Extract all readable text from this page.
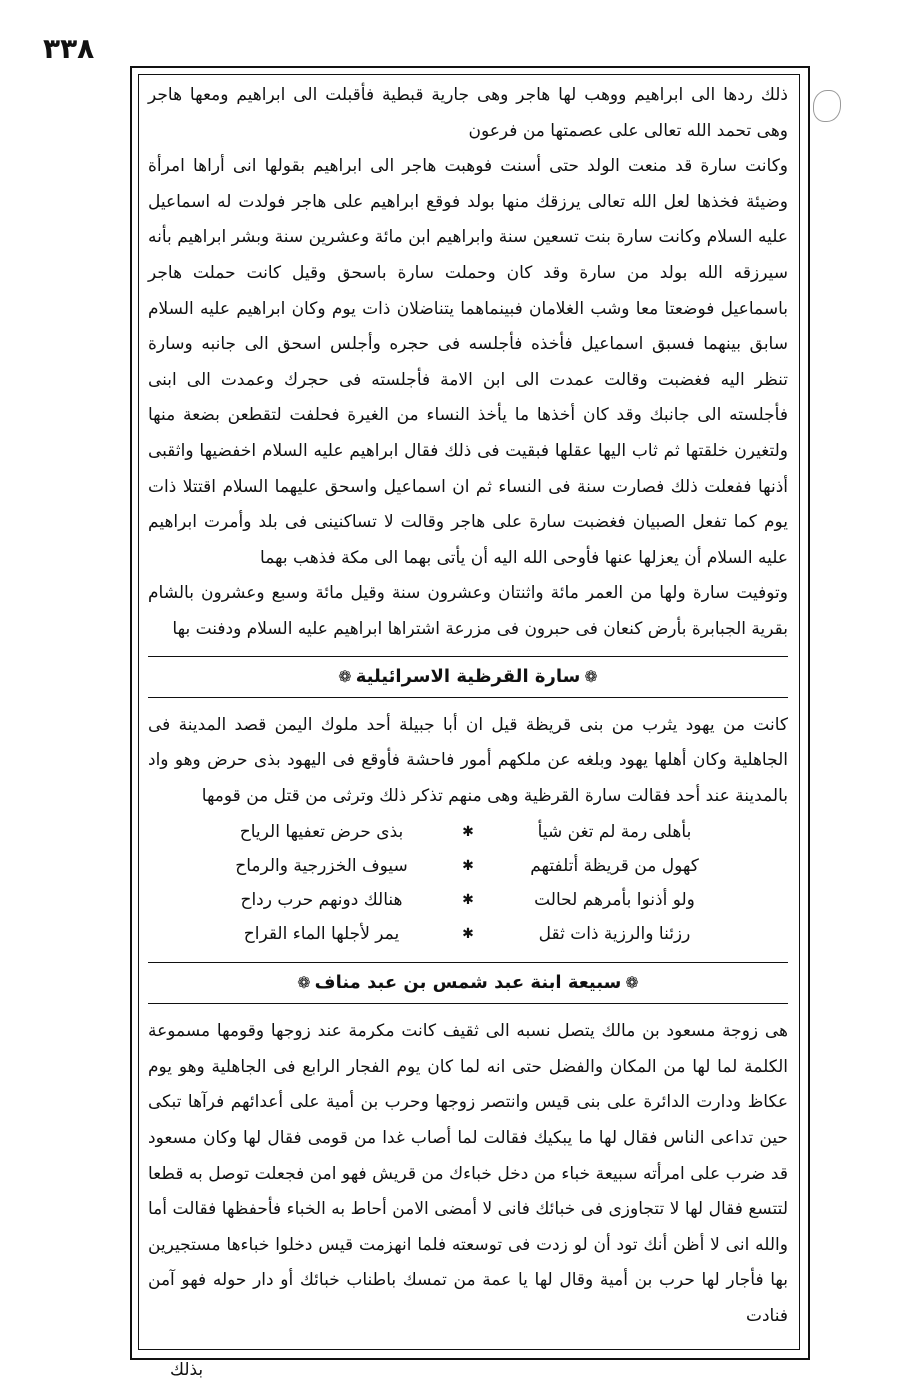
٣٣٨

ذلك ردها الى ابراهيم ووهب لها هاجر وهى جارية قبطية فأقبلت الى ابراهيم ومعها هاجر وهى تحمد الله تعالى على عصمتها من فرعون

وكانت سارة قد منعت الولد حتى أسنت فوهبت هاجر الى ابراهيم بقولها انى أراها امرأة وضيئة فخذها لعل الله تعالى يرزقك منها بولد فوقع ابراهيم على هاجر فولدت له اسماعيل عليه السلام وكانت سارة بنت تسعين سنة وابراهيم ابن مائة وعشرين سنة وبشر ابراهيم بأنه سيرزقه الله بولد من سارة وقد كان وحملت سارة باسحق وقيل كانت حملت هاجر باسماعيل فوضعتا معا وشب الغلامان فبينماهما يتناضلان ذات يوم وكان ابراهيم عليه السلام سابق بينهما فسبق اسماعيل فأخذه فأجلسه فى حجره وأجلس اسحق الى جانبه وسارة تنظر اليه فغضبت وقالت عمدت الى ابن الامة فأجلسته فى حجرك وعمدت الى ابنى فأجلسته الى جانبك وقد كان أخذها ما يأخذ النساء من الغيرة فحلفت لتقطعن بضعة منها ولتغيرن خلقتها ثم ثاب اليها عقلها فبقيت فى ذلك فقال ابراهيم عليه السلام اخفضيها واثقبى أذنها ففعلت ذلك فصارت سنة فى النساء ثم ان اسماعيل واسحق عليهما السلام اقتتلا ذات يوم كما تفعل الصبيان فغضبت سارة على هاجر وقالت لا تساكنينى فى بلد وأمرت ابراهيم عليه السلام أن يعزلها عنها فأوحى الله اليه أن يأتى بهما الى مكة فذهب بهما

وتوفيت سارة ولها من العمر مائة واثنتان وعشرون سنة وقيل مائة وسبع وعشرون بالشام بقرية الجبابرة بأرض كنعان فى حبرون فى مزرعة اشتراها ابراهيم عليه السلام ودفنت بها

❁
سارة القرظية الاسرائيلية
❁

كانت من يهود يثرب من بنى قريظة قيل ان أبا جبيلة أحد ملوك اليمن قصد المدينة فى الجاهلية وكان أهلها يهود وبلغه عن ملكهم أمور فاحشة فأوقع فى اليهود بذى حرض وهو واد بالمدينة عند أحد فقالت سارة القرظية وهى منهم تذكر ذلك وترثى من قتل من قومها

بأهلى رمة لم تغن شيأ
✱
بذى حرض تعفيها الرياح
كهول من قريظة أتلفتهم
✱
سيوف الخزرجية والرماح
ولو أذنوا بأمرهم لحالت
✱
هنالك دونهم حرب رداح
رزئنا والرزية ذات ثقل
✱
يمر لأجلها الماء القراح
❁
سبيعة ابنة عبد شمس بن عبد مناف
❁

هى زوجة مسعود بن مالك يتصل نسبه الى ثقيف كانت مكرمة عند زوجها وقومها مسموعة الكلمة لما لها من المكان والفضل حتى انه لما كان يوم الفجار الرابع فى الجاهلية وهو يوم عكاظ ودارت الدائرة على بنى قيس وانتصر زوجها وحرب بن أمية على أعدائهم فرآها تبكى حين تداعى الناس فقال لها ما يبكيك فقالت لما أصاب غدا من قومى فقال لها وكان مسعود قد ضرب على امرأته سبيعة خباء من دخل خباءك من قريش فهو امن فجعلت توصل به قطعا لتتسع فقال لها لا تتجاوزى فى خبائك فانى لا أمضى الامن أحاط به الخباء فأحفظها فقالت أما والله انى لا أظن أنك تود أن لو زدت فى توسعته فلما انهزمت قيس دخلوا خباءها مستجيرين بها فأجار لها حرب بن أمية وقال لها يا عمة من تمسك باطناب خبائك أو دار حوله فهو آمن فنادت

بذلك
